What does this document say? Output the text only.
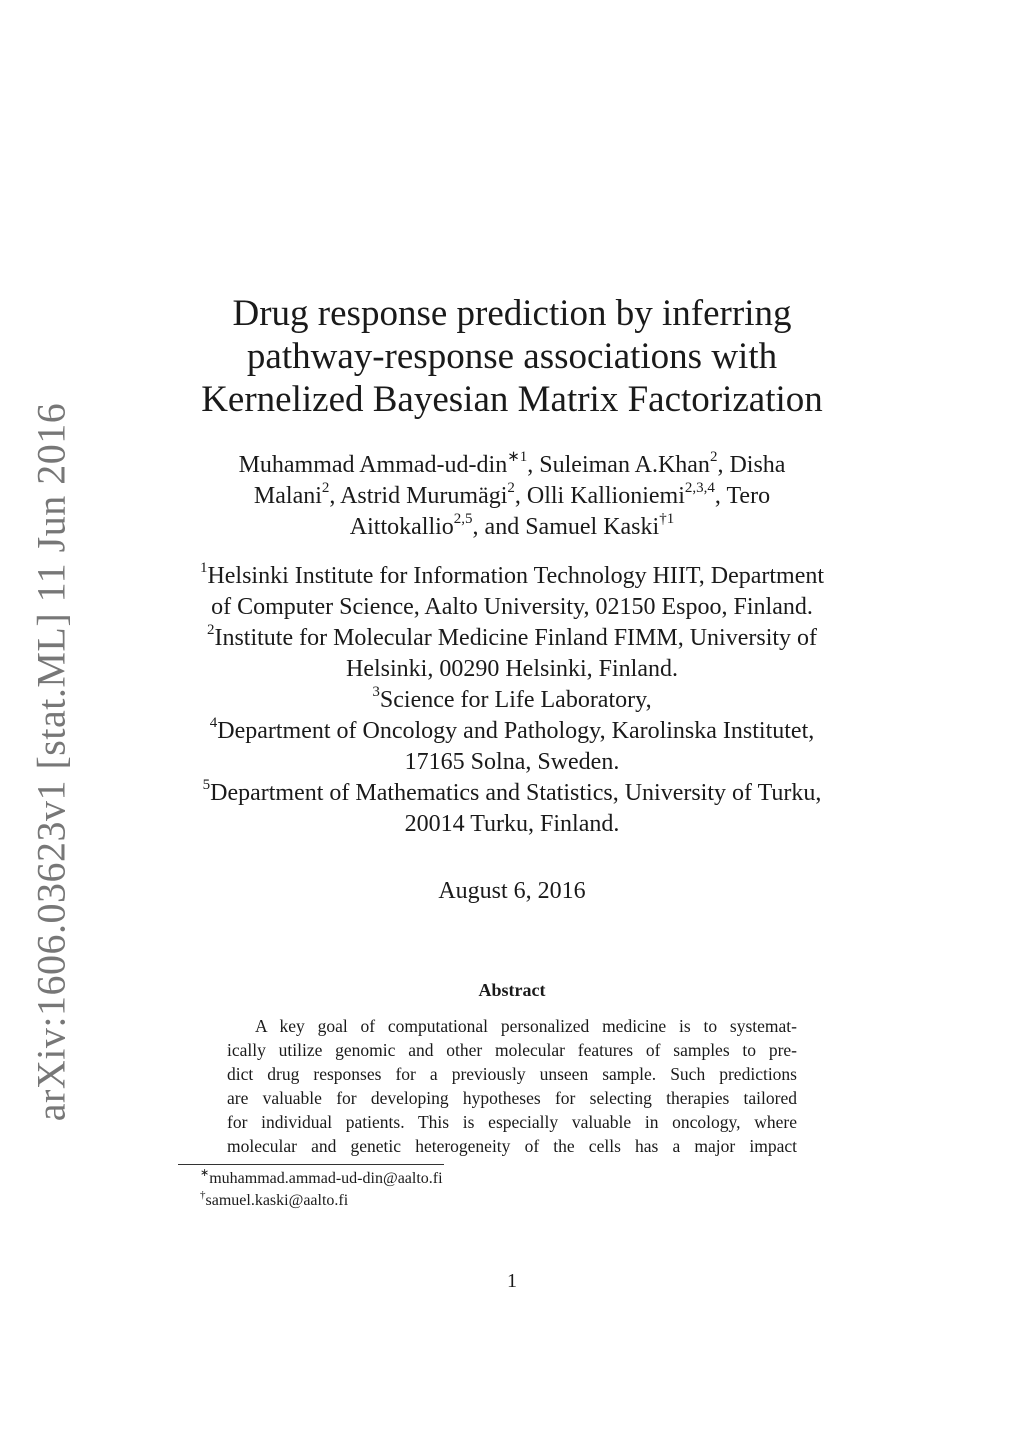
arXiv:1606.03623v1 [stat.ML] 11 Jun 2016
Drug response prediction by inferring
pathway-response associations with
Kernelized Bayesian Matrix Factorization
Muhammad Ammad-ud-din$^{∗1}$, Suleiman A.Khan$^2$, Disha
Malani$^2$, Astrid Murumägi$^2$, Olli Kallioniemi$^{2,3,4}$, Tero
Aittokallio$^{2,5}$, and Samuel Kaski$^{\dagger 1}$
$^1$Helsinki Institute for Information Technology HIIT, Department
of Computer Science, Aalto University, 02150 Espoo, Finland.
$^2$Institute for Molecular Medicine Finland FIMM, University of
Helsinki, 00290 Helsinki, Finland.
$^3$Science for Life Laboratory,
$^4$Department of Oncology and Pathology, Karolinska Institutet,
17165 Solna, Sweden.
$^5$Department of Mathematics and Statistics, University of Turku,
20014 Turku, Finland.
August 6, 2016
Abstract
A key goal of computational personalized medicine is to systemat-
ically utilize genomic and other molecular features of samples to pre-
dict drug responses for a previously unseen sample. Such predictions
are valuable for developing hypotheses for selecting therapies tailored
for individual patients. This is especially valuable in oncology, where
molecular and genetic heterogeneity of the cells has a major impact
∗muhammad.ammad-ud-din@aalto.fi
†samuel.kaski@aalto.fi
1
